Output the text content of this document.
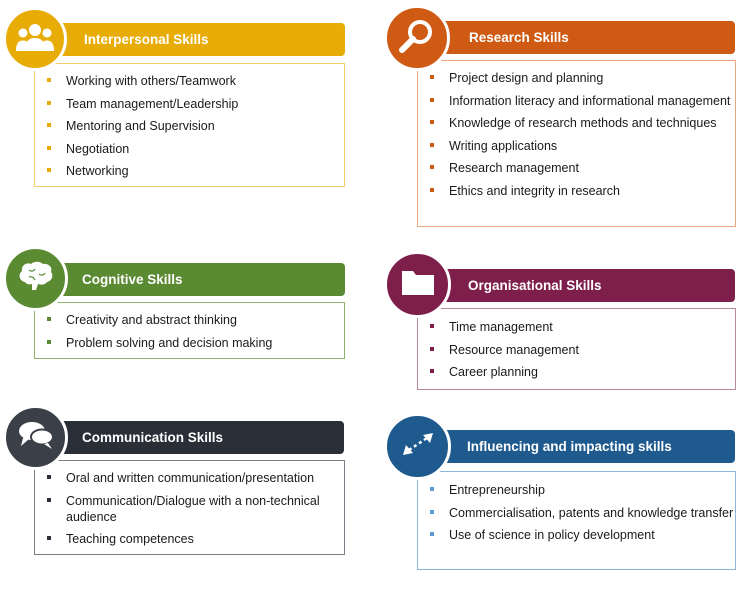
Working with others/Teamwork
Team management/Leadership
Mentoring and Supervision
Negotiation
Networking
Interpersonal Skills
Project design and planning
Information literacy and informational management
Knowledge of research methods and techniques
Writing applications
Research management
Ethics and integrity in research
Research Skills
Creativity and abstract thinking
Problem solving and decision making
Cognitive Skills
Time management
Resource management
Career planning
Organisational Skills
Oral and written communication/presentation
Communication/Dialogue with a non-technical audience
Teaching competences
Communication Skills
Entrepreneurship
Commercialisation, patents and knowledge transfer
Use of science in policy development
Influencing and impacting skills
